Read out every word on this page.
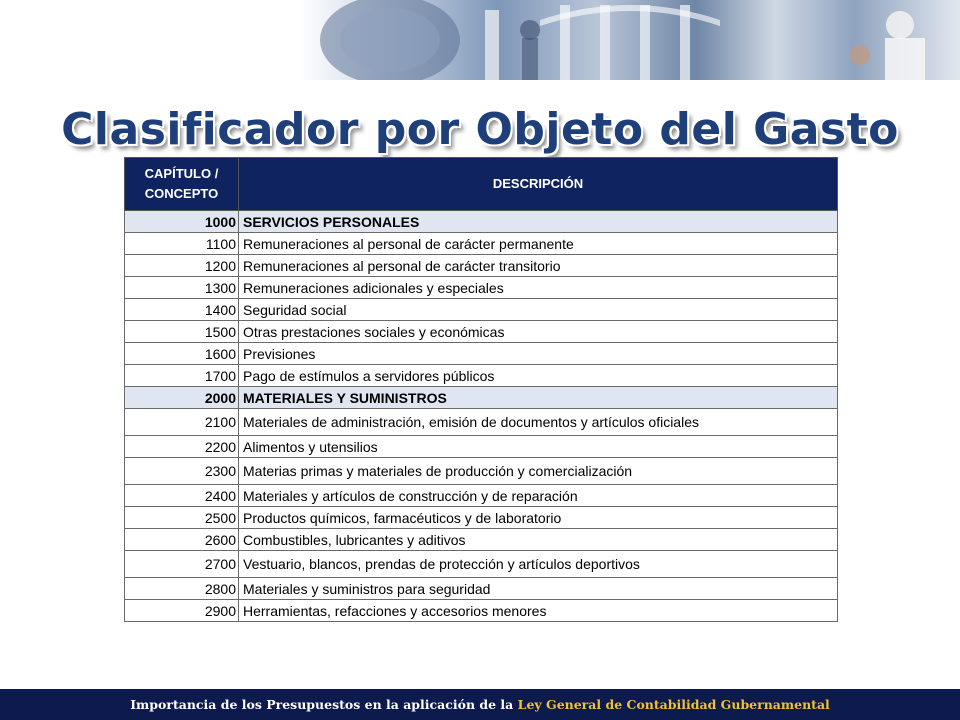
Clasificador por Objeto del Gasto
CAPÍTULO / CONCEPTO	DESCRIPCIÓN
1000	SERVICIOS PERSONALES
1100	Remuneraciones al personal de carácter permanente
1200	Remuneraciones al personal de carácter transitorio
1300	Remuneraciones adicionales y especiales
1400	Seguridad social
1500	Otras prestaciones sociales y económicas
1600	Previsiones
1700	Pago de estímulos a servidores públicos
2000	MATERIALES Y SUMINISTROS
2100	Materiales de administración, emisión de documentos y artículos oficiales
2200	Alimentos y utensilios
2300	Materias primas y materiales de producción y comercialización
2400	Materiales y artículos de construcción y de reparación
2500	Productos químicos, farmacéuticos y de laboratorio
2600	Combustibles, lubricantes y aditivos
2700	Vestuario, blancos, prendas de protección y artículos deportivos
2800	Materiales y suministros para seguridad
2900	Herramientas, refacciones y accesorios menores
Importancia de los Presupuestos en la aplicación de la Ley General de Contabilidad Gubernamental
